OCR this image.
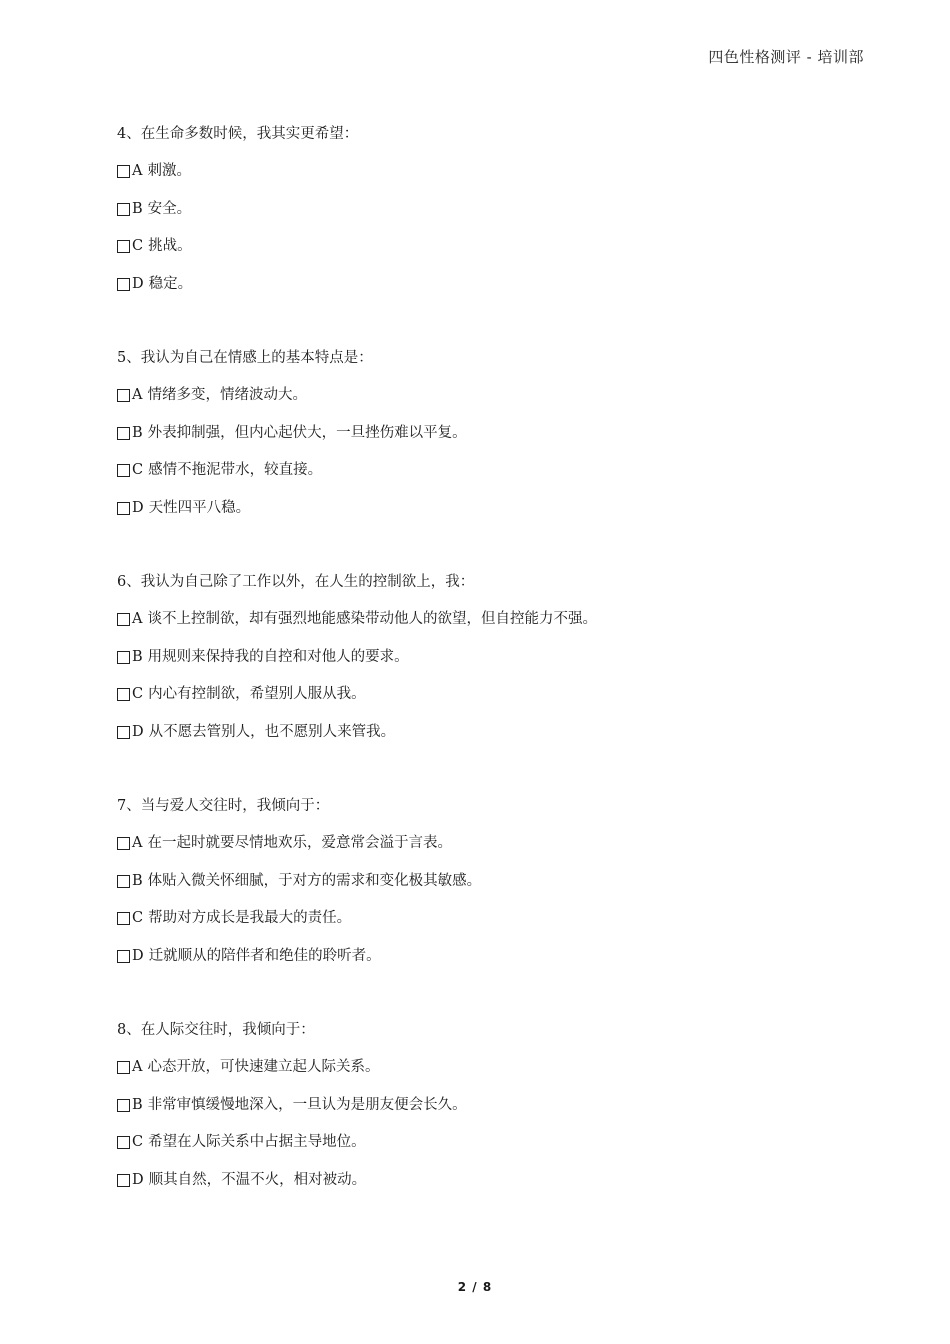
四色性格测评 - 培训部
4、在生命多数时候，我其实更希望：
A 刺激。
B 安全。
C 挑战。
D 稳定。
5、我认为自己在情感上的基本特点是：
A 情绪多变，情绪波动大。
B 外表抑制强，但内心起伏大，一旦挫伤难以平复。
C 感情不拖泥带水，较直接。
D 天性四平八稳。
6、我认为自己除了工作以外，在人生的控制欲上，我：
A 谈不上控制欲，却有强烈地能感染带动他人的欲望，但自控能力不强。
B 用规则来保持我的自控和对他人的要求。
C 内心有控制欲，希望别人服从我。
D 从不愿去管别人，也不愿别人来管我。
7、当与爱人交往时，我倾向于：
A 在一起时就要尽情地欢乐，爱意常会溢于言表。
B 体贴入微关怀细腻，于对方的需求和变化极其敏感。
C 帮助对方成长是我最大的责任。
D 迁就顺从的陪伴者和绝佳的聆听者。
8、在人际交往时，我倾向于：
A 心态开放，可快速建立起人际关系。
B 非常审慎缓慢地深入，一旦认为是朋友便会长久。
C 希望在人际关系中占据主导地位。
D 顺其自然，不温不火，相对被动。
2 / 8
